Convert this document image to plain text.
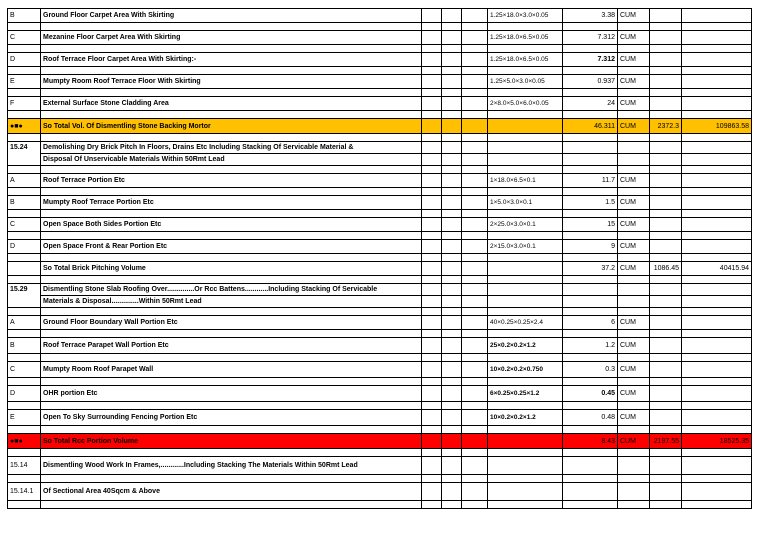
B	Ground Floor Carpet Area With Skirting				1.25×18.0×3.0×0.05	3.38	CUM		

C	Mezanine Floor Carpet Area With Skirting				1.25×18.0×6.5×0.05	7.312	CUM		

D	Roof Terrace Floor Carpet Area With Skirting:-				1.25×18.0×6.5×0.05	7.312	CUM		

E	Mumpty Room Roof Terrace Floor With Skirting				1.25×5.0×3.0×0.05	0.937	CUM		

F	External Surface Stone Cladding Area				2×8.0×5.0×6.0×0.05	24	CUM		

●■●	So Total Vol. Of Dismentling Stone Backing Mortor					46.311	CUM	2372.3	109863.58

15.24	Demolishing Dry Brick Pitch In Floors, Drains Etc Including Stacking Of Servicable Material &								
	Disposal Of Unservicable Materials Within 50Rmt Lead								

A	Roof Terrace Portion Etc				1×18.0×6.5×0.1	11.7	CUM		

B	Mumpty Roof Terrace Portion Etc				1×5.0×3.0×0.1	1.5	CUM		

C	Open Space Both Sides Portion Etc				2×25.0×3.0×0.1	15	CUM		

D	Open Space Front & Rear Portion Etc				2×15.0×3.0×0.1	9	CUM		

	So Total Brick Pitching Volume					37.2	CUM	1086.45	40415.94

15.29	Dismentling Stone Slab Roofing Over..............Or Rcc Battens............Including Stacking Of Servicable								
	Materials & Disposal..............Within 50Rmt Lead								

A	Ground Floor Boundary Wall Portion Etc				40×0.25×0.25×2.4	6	CUM		

B	Roof Terrace Parapet Wall Portion Etc				25×0.2×0.2×1.2	1.2	CUM		

C	Mumpty Room Roof Parapet Wall				10×0.2×0.2×0.750	0.3	CUM		

D	OHR portion Etc				6×0.25×0.25×1.2	0.45	CUM		

E	Open To Sky Surrounding Fencing Portion Etc				10×0.2×0.2×1.2	0.48	CUM		

●■●	So Total Rcc Portion Volume					8.43	CUM	2197.55	18525.35

15.14	Dismentling Wood Work In Frames,............Including Stacking The Materials Within 50Rmt Lead								

15.14.1	Of Sectional Area 40Sqcm & Above								
